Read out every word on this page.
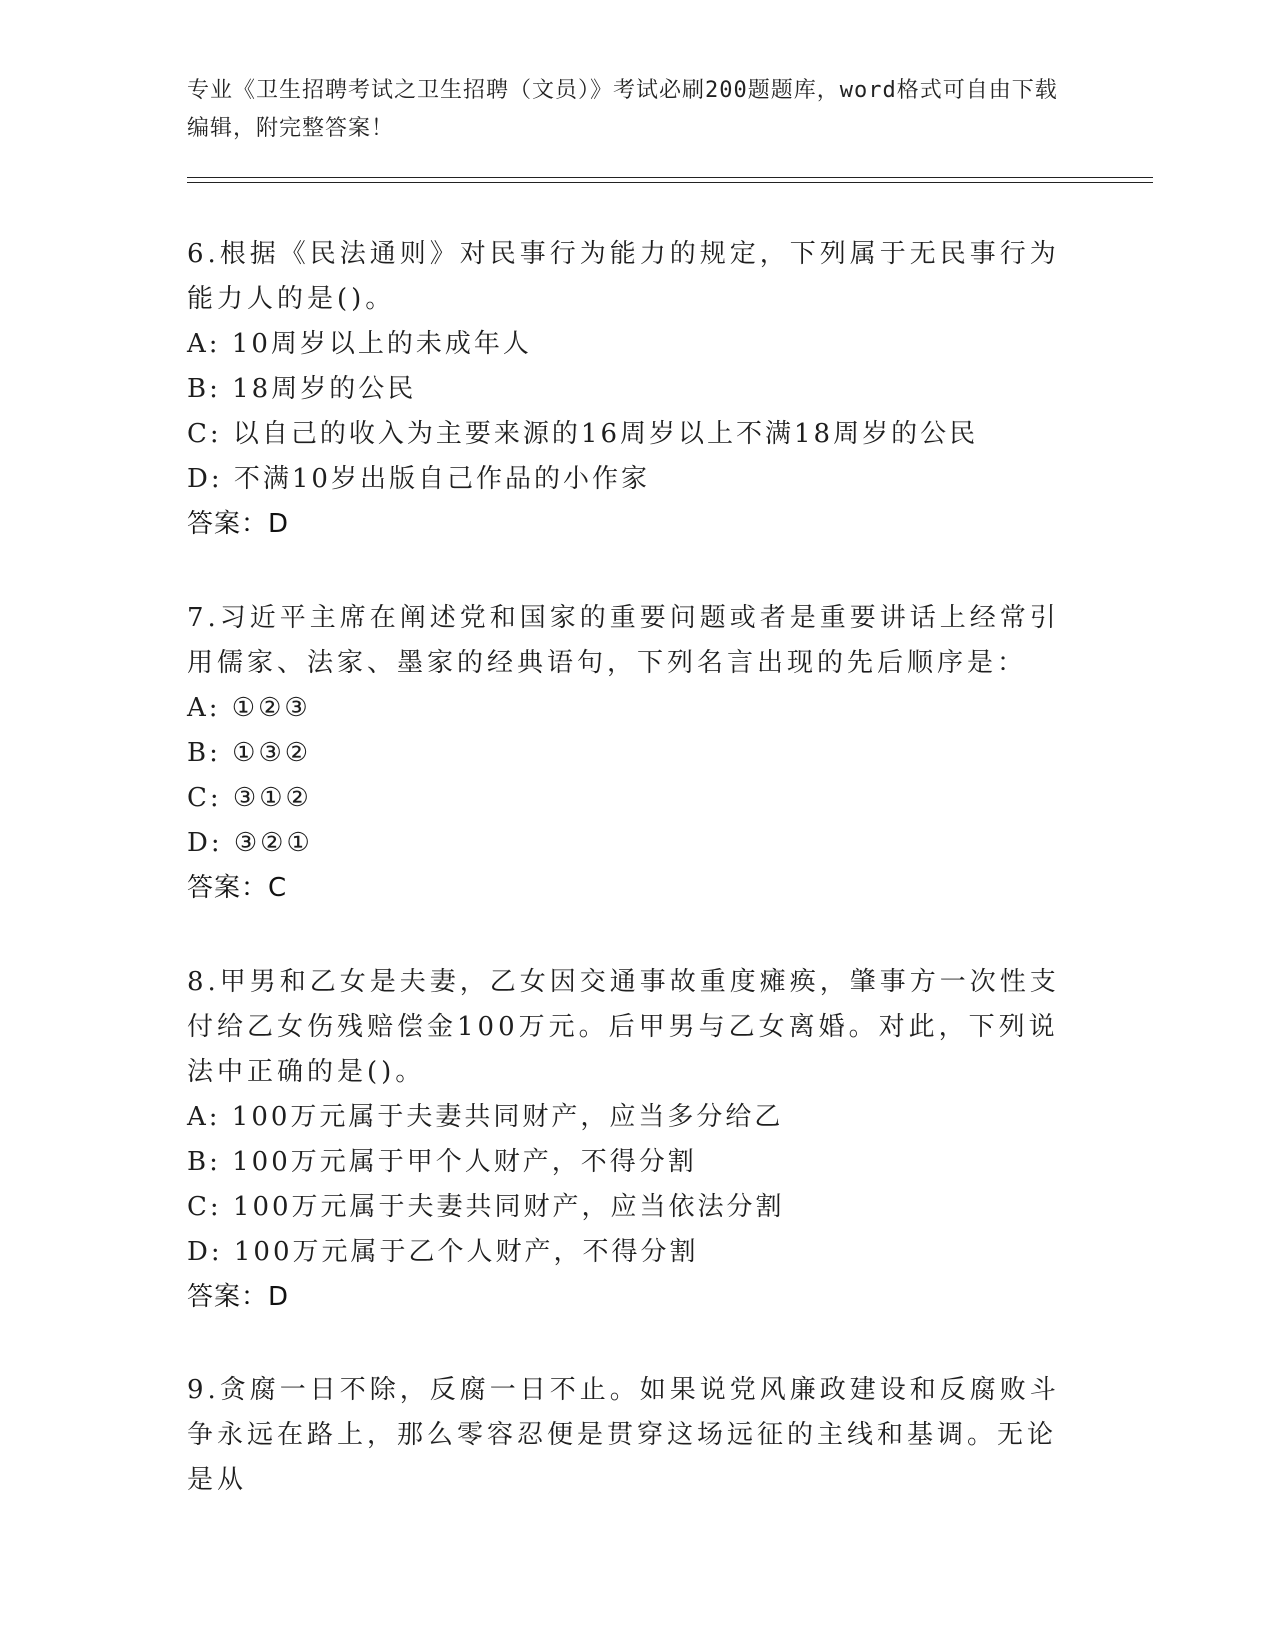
专业《卫生招聘考试之卫生招聘（文员）》考试必刷200题题库，word格式可自由下载编辑，附完整答案！

6.根据《民法通则》对民事行为能力的规定，下列属于无民事行为能力人的是()。

A: 10周岁以上的未成年人

B: 18周岁的公民

C: 以自己的收入为主要来源的16周岁以上不满18周岁的公民

D: 不满10岁出版自己作品的小作家

答案：D

7.习近平主席在阐述党和国家的重要问题或者是重要讲话上经常引用儒家、法家、墨家的经典语句，下列名言出现的先后顺序是：

A: ①②③

B: ①③②

C: ③①②

D: ③②①

答案：C

8.甲男和乙女是夫妻，乙女因交通事故重度瘫痪，肇事方一次性支付给乙女伤残赔偿金100万元。后甲男与乙女离婚。对此，下列说法中正确的是()。

A: 100万元属于夫妻共同财产，应当多分给乙

B: 100万元属于甲个人财产，不得分割

C: 100万元属于夫妻共同财产，应当依法分割

D: 100万元属于乙个人财产，不得分割

答案：D

9.贪腐一日不除，反腐一日不止。如果说党风廉政建设和反腐败斗争永远在路上，那么零容忍便是贯穿这场远征的主线和基调。无论是从
